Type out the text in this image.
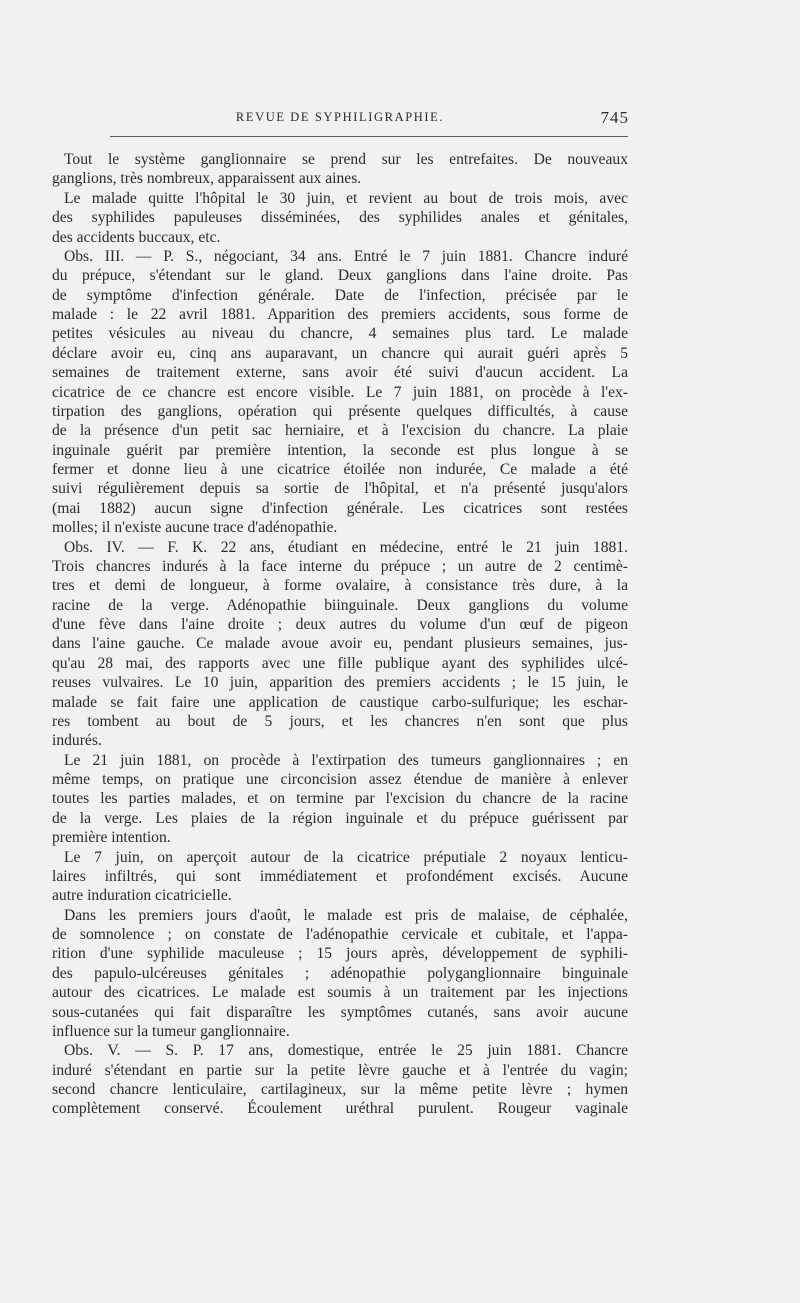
REVUE DE SYPHILIGRAPHIE.	745
Tout le système ganglionnaire se prend sur les entrefaites. De nouveaux
ganglions, très nombreux, apparaissent aux aines.
Le malade quitte l'hôpital le 30 juin, et revient au bout de trois mois, avec
des syphilides papuleuses disséminées, des syphilides anales et génitales,
des accidents buccaux, etc.
Obs. III. — P. S., négociant, 34 ans. Entré le 7 juin 1881. Chancre induré
du prépuce, s'étendant sur le gland. Deux ganglions dans l'aine droite. Pas
de symptôme d'infection générale. Date de l'infection, précisée par le
malade : le 22 avril 1881. Apparition des premiers accidents, sous forme de
petites vésicules au niveau du chancre, 4 semaines plus tard. Le malade
déclare avoir eu, cinq ans auparavant, un chancre qui aurait guéri après 5
semaines de traitement externe, sans avoir été suivi d'aucun accident. La
cicatrice de ce chancre est encore visible. Le 7 juin 1881, on procède à l'ex-
tirpation des ganglions, opération qui présente quelques difficultés, à cause
de la présence d'un petit sac herniaire, et à l'excision du chancre. La plaie
inguinale guérit par première intention, la seconde est plus longue à se
fermer et donne lieu à une cicatrice étoilée non indurée, Ce malade a été
suivi régulièrement depuis sa sortie de l'hôpital, et n'a présenté jusqu'alors
(mai 1882) aucun signe d'infection générale. Les cicatrices sont restées
molles; il n'existe aucune trace d'adénopathie.
Obs. IV. — F. K. 22 ans, étudiant en médecine, entré le 21 juin 1881.
Trois chancres indurés à la face interne du prépuce ; un autre de 2 centimè-
tres et demi de longueur, à forme ovalaire, à consistance très dure, à la
racine de la verge. Adénopathie biinguinale. Deux ganglions du volume
d'une fève dans l'aine droite ; deux autres du volume d'un œuf de pigeon
dans l'aine gauche. Ce malade avoue avoir eu, pendant plusieurs semaines, jus-
qu'au 28 mai, des rapports avec une fille publique ayant des syphilides ulcé-
reuses vulvaires. Le 10 juin, apparition des premiers accidents ; le 15 juin, le
malade se fait faire une application de caustique carbo-sulfurique; les eschar-
res tombent au bout de 5 jours, et les chancres n'en sont que plus
indurés.
Le 21 juin 1881, on procède à l'extirpation des tumeurs ganglionnaires ; en
même temps, on pratique une circoncision assez étendue de manière à enlever
toutes les parties malades, et on termine par l'excision du chancre de la racine
de la verge. Les plaies de la région inguinale et du prépuce guérissent par
première intention.
Le 7 juin, on aperçoit autour de la cicatrice préputiale 2 noyaux lenticu-
laires infiltrés, qui sont immédiatement et profondément excisés. Aucune
autre induration cicatricielle.
Dans les premiers jours d'août, le malade est pris de malaise, de céphalée,
de somnolence ; on constate de l'adénopathie cervicale et cubitale, et l'appa-
rition d'une syphilide maculeuse ; 15 jours après, développement de syphili-
des papulo-ulcéreuses génitales ; adénopathie polyganglionnaire binguinale
autour des cicatrices. Le malade est soumis à un traitement par les injections
sous-cutanées qui fait disparaître les symptômes cutanés, sans avoir aucune
influence sur la tumeur ganglionnaire.
Obs. V. — S. P. 17 ans, domestique, entrée le 25 juin 1881. Chancre
induré s'étendant en partie sur la petite lèvre gauche et à l'entrée du vagin;
second chancre lenticulaire, cartilagineux, sur la même petite lèvre ; hymen
complètement conservé. Écoulement uréthral purulent. Rougeur vaginale
